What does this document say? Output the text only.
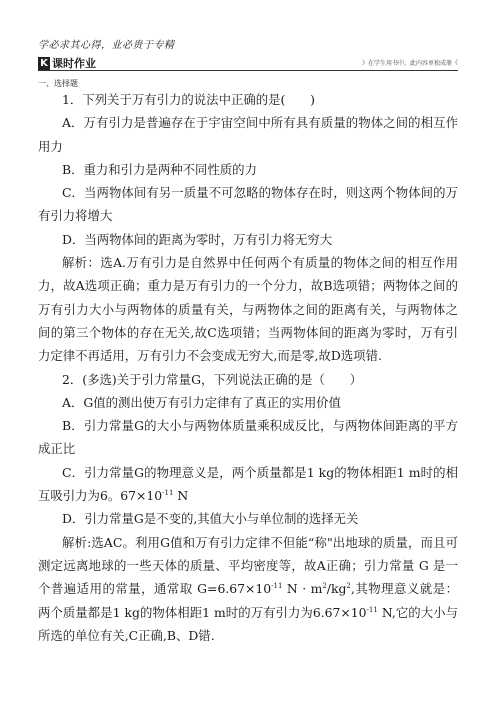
学必求其心得，业必贵于专精
K 课时作业	》在学生用书中，此内容单独成册《
一、选择题

1．下列关于万有引力的说法中正确的是(　　)

A．万有引力是普遍存在于宇宙空间中所有具有质量的物体之间的相互作用力

B．重力和引力是两种不同性质的力

C．当两物体间有另一质量不可忽略的物体存在时，则这两个物体间的万有引力将增大

D．当两物体间的距离为零时，万有引力将无穷大

解析：选A.万有引力是自然界中任何两个有质量的物体之间的相互作用力，故A选项正确；重力是万有引力的一个分力，故B选项错；两物体之间的万有引力大小与两物体的质量有关，与两物体之间的距离有关，与两物体之间的第三个物体的存在无关,故C选项错；当两物体间的距离为零时，万有引力定律不再适用，万有引力不会变成无穷大,而是零,故D选项错.

2．(多选)关于引力常量G，下列说法正确的是（　　）

A．G值的测出使万有引力定律有了真正的实用价值

B．引力常量G的大小与两物体质量乘积成反比，与两物体间距离的平方成正比

C．引力常量G的物理意义是，两个质量都是1 kg的物体相距1 m时的相互吸引力为6。$67\times 10^{-11}$ N

D．引力常量G是不变的,其值大小与单位制的选择无关

解析:选AC。利用G值和万有引力定律不但能“称"出地球的质量，而且可测定远离地球的一些天体的质量、平均密度等，故A正确；引力常量 G 是一个普遍适用的常量，通常取 $G=6.67\times 10^{-11}$ $N \cdot m^2/kg^2$,其物理意义就是：两个质量都是1 kg的物体相距1 m时的万有引力为$6.67\times 10^{-11}$ N,它的大小与所选的单位有关,C正确,B、D错.
